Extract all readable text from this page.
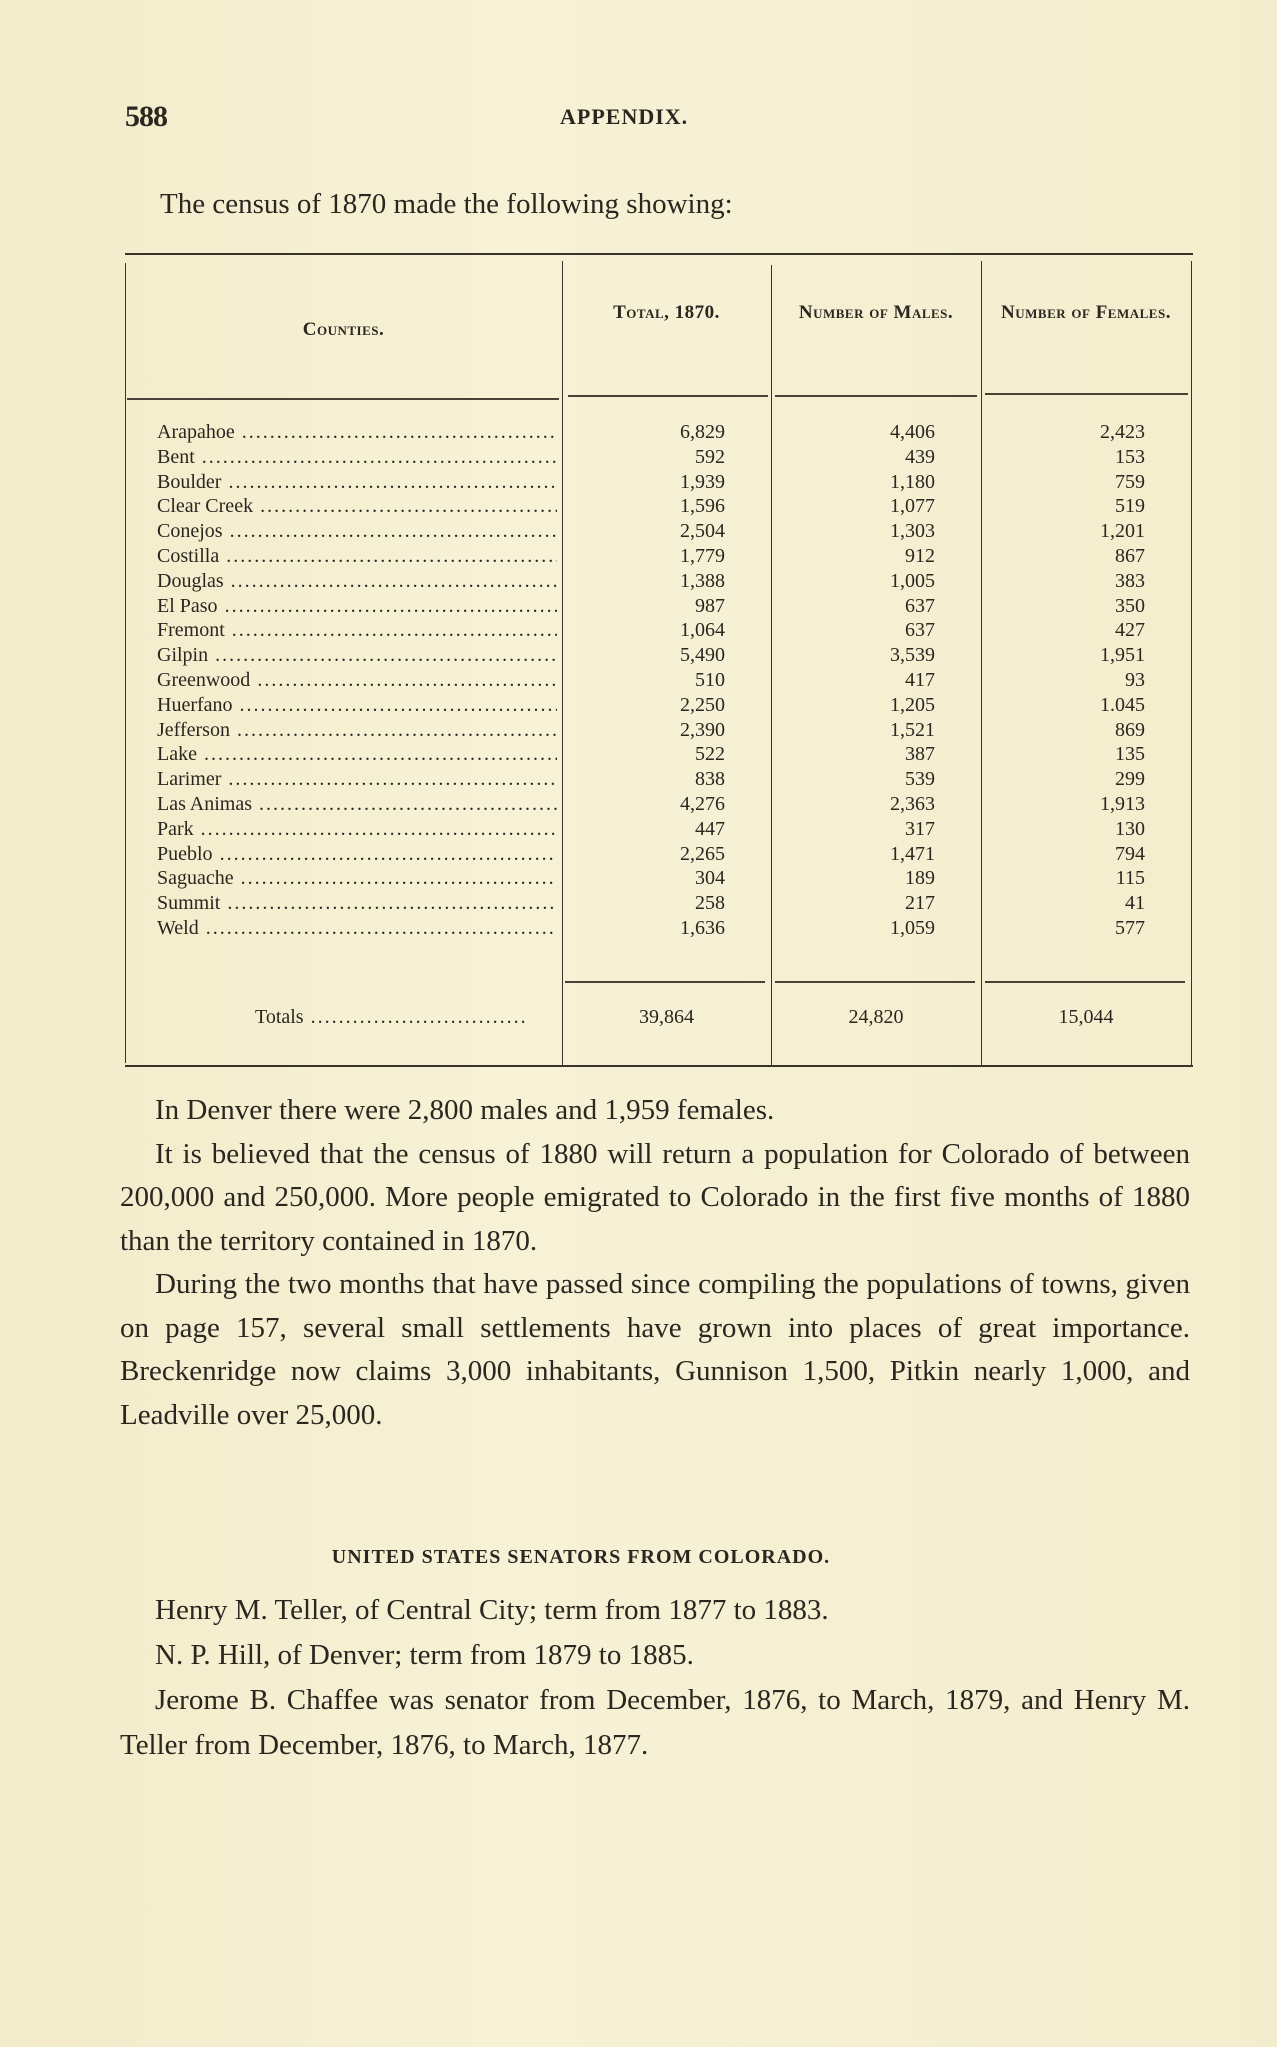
588	APPENDIX.
The census of 1870 made the following showing:
Counties.
Total, 1870.	Number of Males.	Number of Females.
Arapahoe .....	6,829	4,406	2,423
Bent .....	592	439	153
Boulder .....	1,939	1,180	759
Clear Creek .....	1,596	1,077	519
Conejos .....	2,504	1,303	1,201
Costilla .....	1,779	912	867
Douglas .....	1,388	1,005	383
El Paso .....	987	637	350
Fremont .....	1,064	637	427
Gilpin .....	5,490	3,539	1,951
Greenwood .....	510	417	93
Huerfano .....	2,250	1,205	1.045
Jefferson .....	2,390	1,521	869
Lake .....	522	387	135
Larimer .....	838	539	299
Las Animas .....	4,276	2,363	1,913
Park .....	447	317	130
Pueblo .....	2,265	1,471	794
Saguache .....	304	189	115
Summit .....	258	217	41
Weld .....	1,636	1,059	577
Totals .....	39,864	24,820	15,044

In Denver there were 2,800 males and 1,959 females.

It is believed that the census of 1880 will return a population for Colorado of between 200,000 and 250,000. More people emigrated to Colorado in the first five months of 1880 than the territory contained in 1870.

During the two months that have passed since compiling the populations of towns, given on page 157, several small settlements have grown into places of great importance. Breckenridge now claims 3,000 inhabitants, Gunnison 1,500, Pitkin nearly 1,000, and Leadville over 25,000.

UNITED STATES SENATORS FROM COLORADO.

Henry M. Teller, of Central City; term from 1877 to 1883.

N. P. Hill, of Denver; term from 1879 to 1885.

Jerome B. Chaffee was senator from December, 1876, to March, 1879, and Henry M. Teller from December, 1876, to March, 1877.
